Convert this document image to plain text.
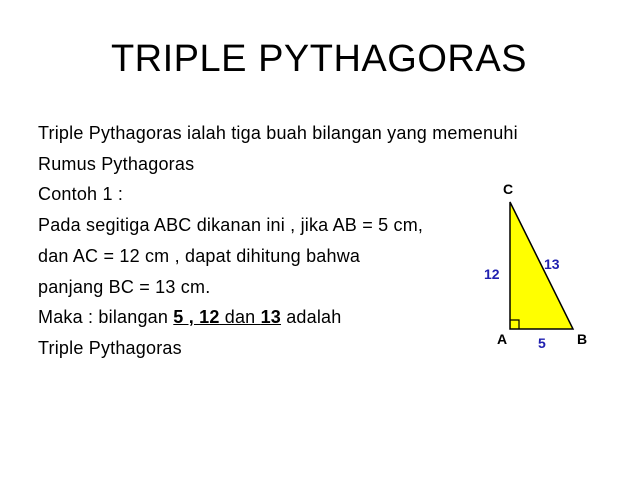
TRIPLE PYTHAGORAS
Triple Pythagoras ialah tiga buah bilangan yang memenuhi
Rumus Pythagoras
Contoh 1 :
Pada segitiga ABC dikanan ini , jika AB = 5 cm,
dan AC = 12 cm , dapat dihitung bahwa
panjang BC = 13 cm.
Maka : bilangan 5 , 12 dan 13 adalah
Triple Pythagoras
C
A	B
12
13
5
